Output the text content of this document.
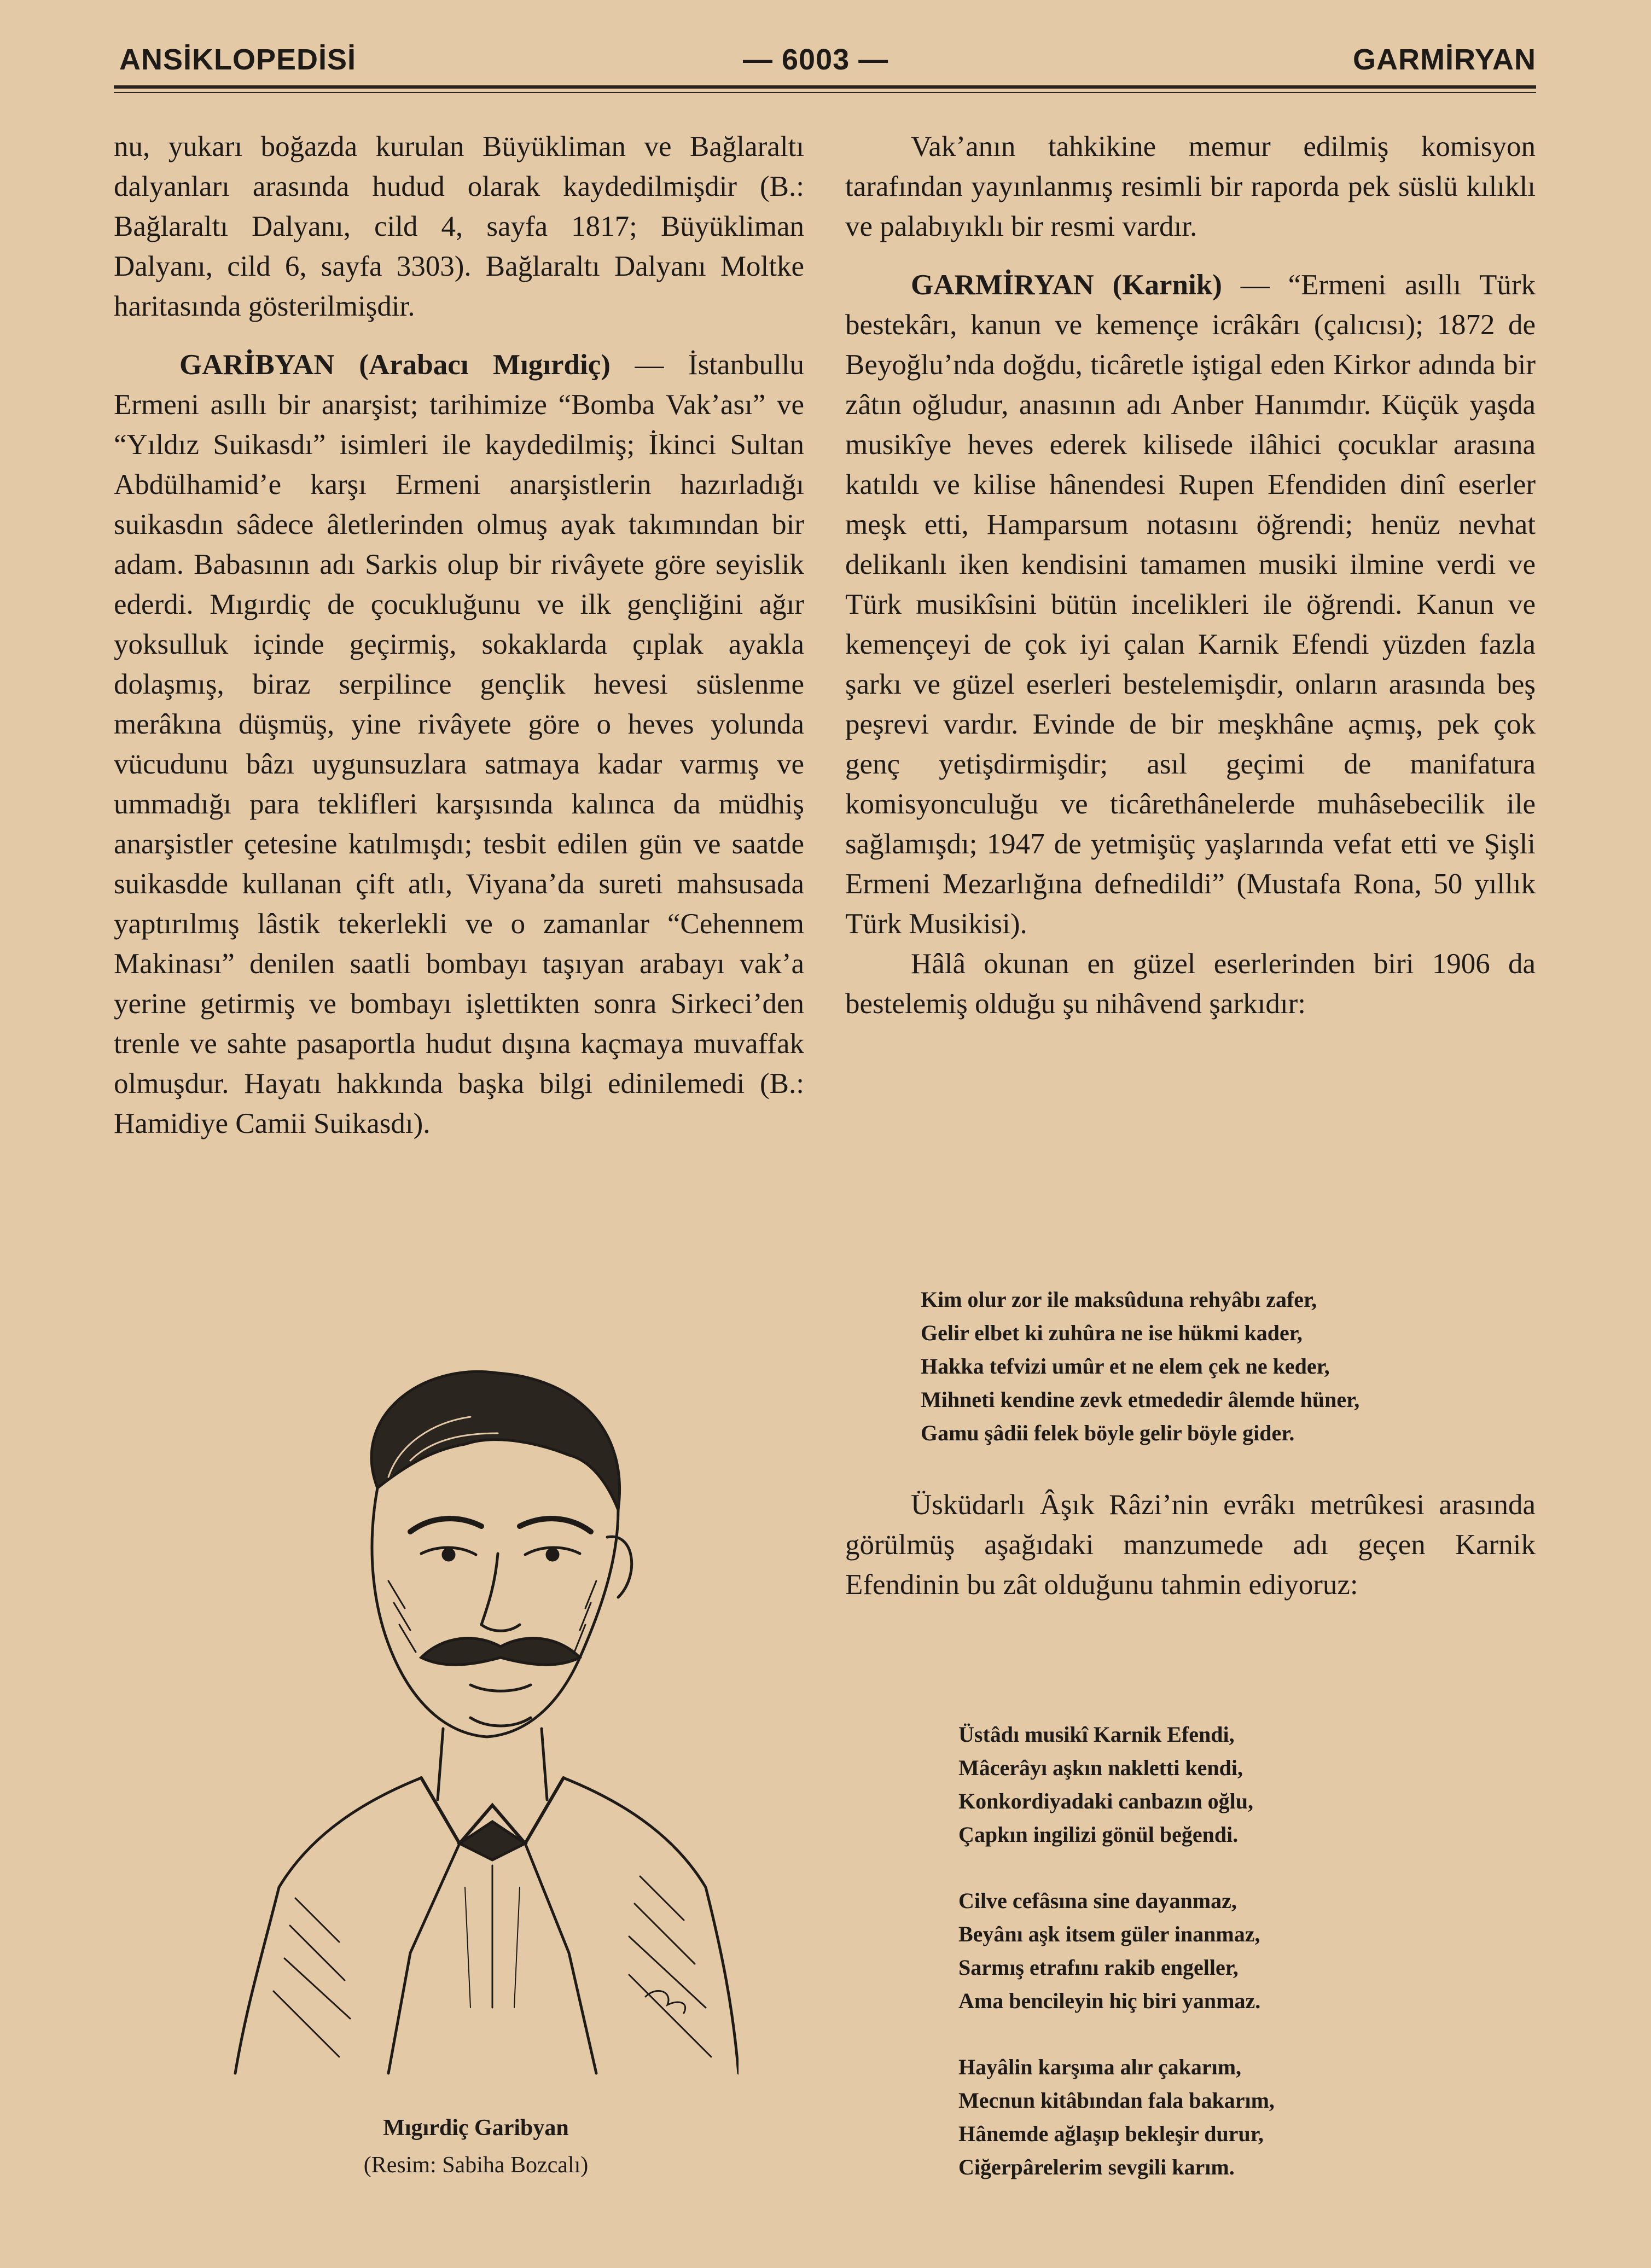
ANSİKLOPEDİSİ	— 6003 —	GARMİRYAN

nu, yukarı boğazda kurulan Büyükliman ve Bağlaraltı dalyanları arasında hudud olarak kaydedilmişdir (B.: Bağlaraltı Dalyanı, cild 4, sayfa 1817; Büyükliman Dalyanı, cild 6, sayfa 3303). Bağlaraltı Dalyanı Moltke haritasında gösterilmişdir.

GARİBYAN (Arabacı Mıgırdiç) — İstanbullu Ermeni asıllı bir anarşist; tarihimize “Bomba Vak’ası” ve “Yıldız Suikasdı” isimleri ile kaydedilmiş; İkinci Sultan Abdülhamid’e karşı Ermeni anarşistlerin hazırladığı suikasdın sâdece âletlerinden olmuş ayak takımından bir adam. Babasının adı Sarkis olup bir rivâyete göre seyislik ederdi. Mıgırdiç de çocukluğunu ve ilk gençliğini ağır yoksulluk içinde geçirmiş, sokaklarda çıplak ayakla dolaşmış, biraz serpilince gençlik hevesi süslenme merâkına düşmüş, yine rivâyete göre o heves yolunda vücudunu bâzı uygunsuzlara satmaya kadar varmış ve ummadığı para teklifleri karşısında kalınca da müdhiş anarşistler çetesine katılmışdı; tesbit edilen gün ve saatde suikasdde kullanan çift atlı, Viyana’da sureti mahsusada yaptırılmış lâstik tekerlekli ve o zamanlar “Cehennem Makinası” denilen saatli bombayı taşıyan arabayı vak’a yerine getirmiş ve bombayı işlettikten sonra Sirkeci’den trenle ve sahte pasaportla hudut dışına kaçmaya muvaffak olmuşdur. Hayatı hakkında başka bilgi edinilemedi (B.: Hamidiye Camii Suikasdı).

Mıgırdiç Garibyan
(Resim: Sabiha Bozcalı)

Vak’anın tahkikine memur edilmiş komisyon tarafından yayınlanmış resimli bir raporda pek süslü kılıklı ve palabıyıklı bir resmi vardır.

GARMİRYAN (Karnik) — “Ermeni asıllı Türk bestekârı, kanun ve kemençe icrâkârı (çalıcısı); 1872 de Beyoğlu’nda doğdu, ticâretle iştigal eden Kirkor adında bir zâtın oğludur, anasının adı Anber Hanımdır. Küçük yaşda musikîye heves ederek kilisede ilâhici çocuklar arasına katıldı ve kilise hânendesi Rupen Efendiden dinî eserler meşk etti, Hamparsum notasını öğrendi; henüz nevhat delikanlı iken kendisini tamamen musiki ilmine verdi ve Türk musikîsini bütün incelikleri ile öğrendi. Kanun ve kemençeyi de çok iyi çalan Karnik Efendi yüzden fazla şarkı ve güzel eserleri bestelemişdir, onların arasında beş peşrevi vardır. Evinde de bir meşkhâne açmış, pek çok genç yetişdirmişdir; asıl geçimi de manifatura komisyonculuğu ve ticârethânelerde muhâsebecilik ile sağlamışdı; 1947 de yetmişüç yaşlarında vefat etti ve Şişli Ermeni Mezarlığına defnedildi” (Mustafa Rona, 50 yıllık Türk Musikisi).

Hâlâ okunan en güzel eserlerinden biri 1906 da bestelemiş olduğu şu nihâvend şarkıdır:

Kim olur zor ile maksûduna rehyâbı zafer,
Gelir elbet ki zuhûra ne ise hükmi kader,
Hakka tefvizi umûr et ne elem çek ne keder,
Mihneti kendine zevk etmededir âlemde hüner,
Gamu şâdii felek böyle gelir böyle gider.

Üsküdarlı Âşık Râzi’nin evrâkı metrûkesi arasında görülmüş aşağıdaki manzumede adı geçen Karnik Efendinin bu zât olduğunu tahmin ediyoruz:

Üstâdı musikî Karnik Efendi,
Mâcerâyı aşkın nakletti kendi,
Konkordiyadaki canbazın oğlu,
Çapkın ingilizi gönül beğendi.
Cilve cefâsına sine dayanmaz,
Beyânı aşk itsem güler inanmaz,
Sarmış etrafını rakib engeller,
Ama bencileyin hiç biri yanmaz.
Hayâlin karşıma alır çakarım,
Mecnun kitâbından fala bakarım,
Hânemde ağlaşıp bekleşir durur,
Ciğerpârelerim sevgili karım.
